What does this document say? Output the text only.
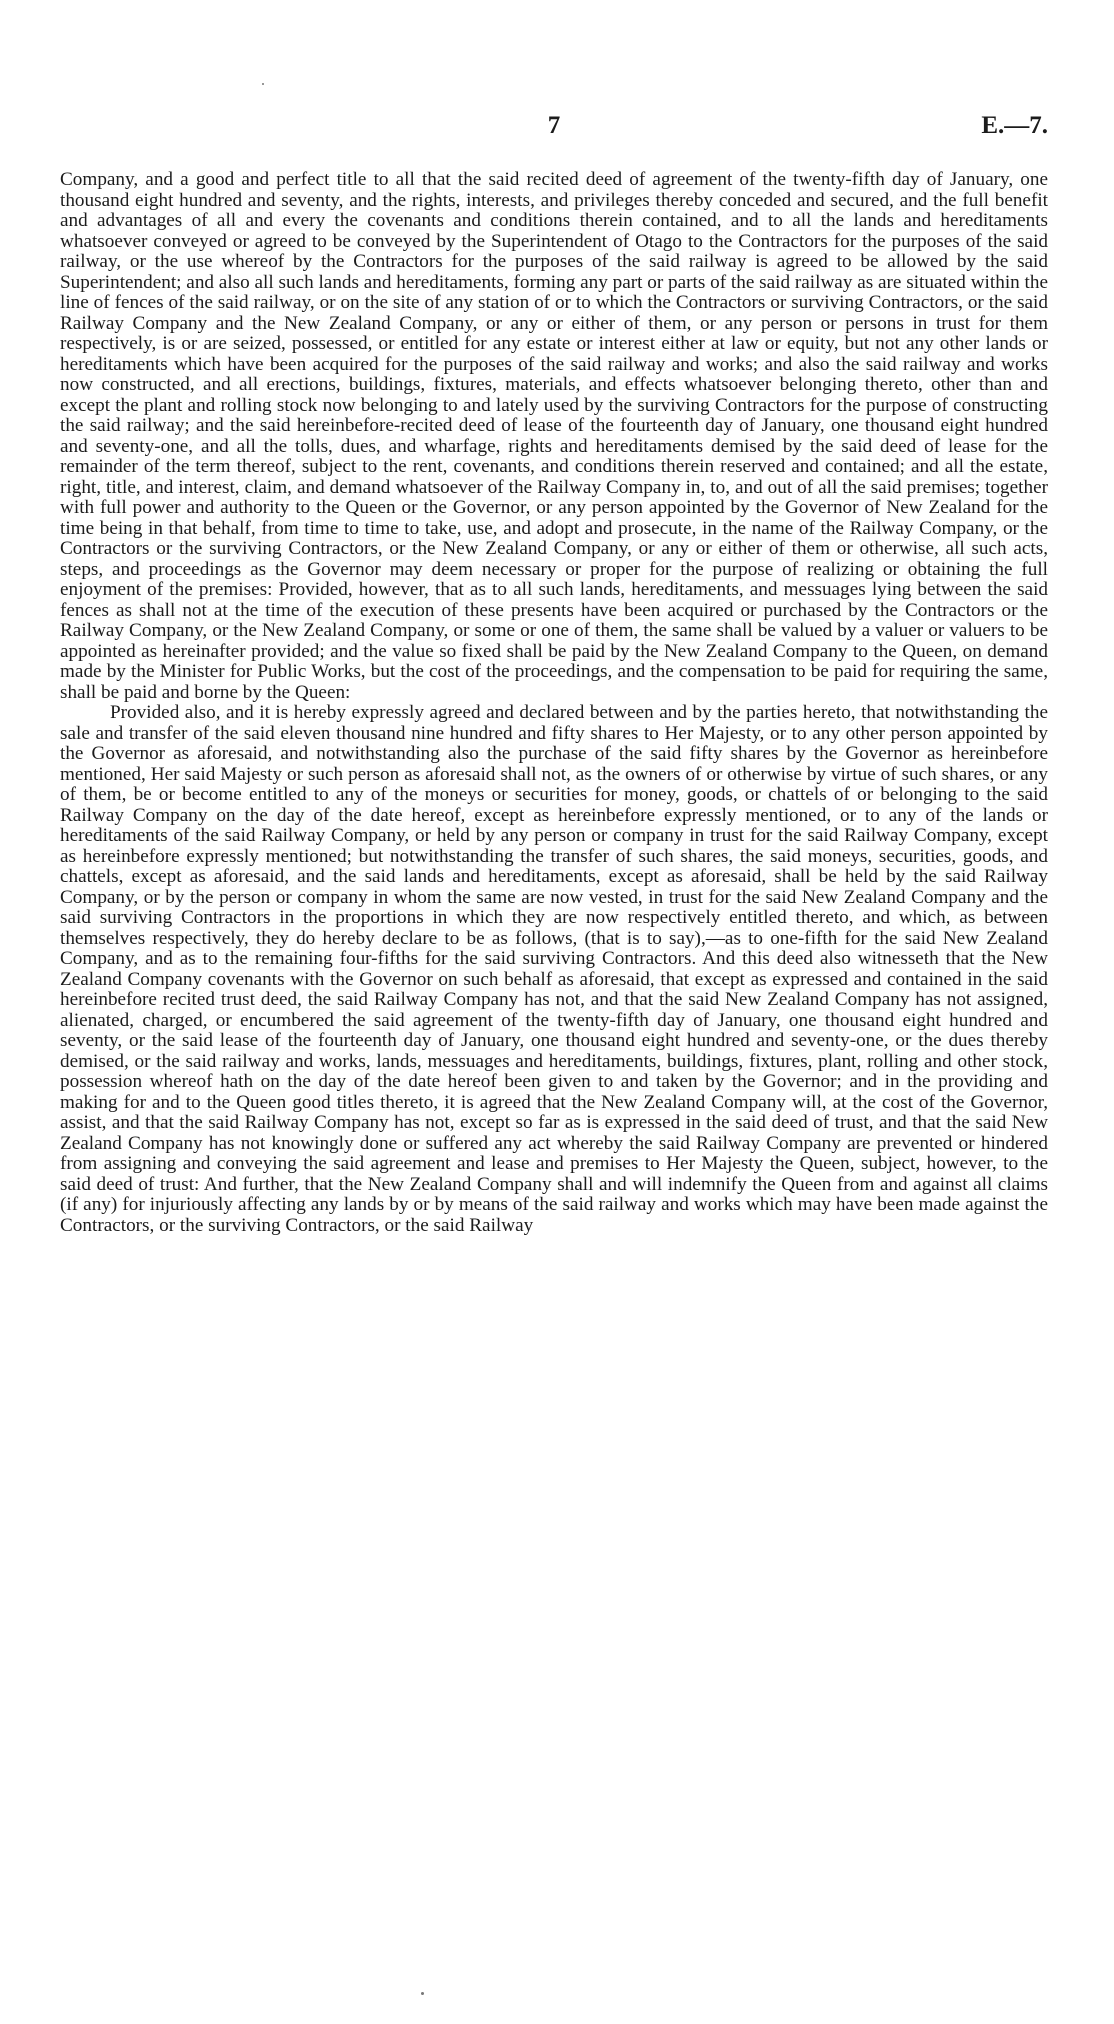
7	E.—7.

Company, and a good and perfect title to all that the said recited deed of agreement of the twenty-fifth day of January, one thousand eight hundred and seventy, and the rights, interests, and privileges thereby conceded and secured, and the full benefit and advantages of all and every the covenants and conditions therein contained, and to all the lands and hereditaments whatsoever conveyed or agreed to be conveyed by the Superintendent of Otago to the Contractors for the purposes of the said railway, or the use whereof by the Contractors for the purposes of the said railway is agreed to be allowed by the said Superintendent; and also all such lands and hereditaments, forming any part or parts of the said railway as are situated within the line of fences of the said railway, or on the site of any station of or to which the Contractors or surviving Contractors, or the said Railway Company and the New Zealand Company, or any or either of them, or any person or persons in trust for them respectively, is or are seized, possessed, or entitled for any estate or interest either at law or equity, but not any other lands or hereditaments which have been acquired for the purposes of the said railway and works; and also the said railway and works now constructed, and all erections, buildings, fixtures, materials, and effects whatsoever belonging thereto, other than and except the plant and rolling stock now belonging to and lately used by the surviving Contractors for the purpose of constructing the said railway; and the said hereinbefore-recited deed of lease of the fourteenth day of January, one thousand eight hundred and seventy-one, and all the tolls, dues, and wharfage, rights and hereditaments demised by the said deed of lease for the remainder of the term thereof, subject to the rent, covenants, and conditions therein reserved and contained; and all the estate, right, title, and interest, claim, and demand whatsoever of the Railway Company in, to, and out of all the said premises; together with full power and authority to the Queen or the Governor, or any person appointed by the Governor of New Zealand for the time being in that behalf, from time to time to take, use, and adopt and prosecute, in the name of the Railway Company, or the Contractors or the surviving Contractors, or the New Zealand Company, or any or either of them or otherwise, all such acts, steps, and proceedings as the Governor may deem necessary or proper for the purpose of realizing or obtaining the full enjoyment of the premises: Provided, however, that as to all such lands, hereditaments, and messuages lying between the said fences as shall not at the time of the execution of these presents have been acquired or purchased by the Contractors or the Railway Company, or the New Zealand Company, or some or one of them, the same shall be valued by a valuer or valuers to be appointed as hereinafter provided; and the value so fixed shall be paid by the New Zealand Company to the Queen, on demand made by the Minister for Public Works, but the cost of the proceedings, and the compensation to be paid for requiring the same, shall be paid and borne by the Queen:

Provided also, and it is hereby expressly agreed and declared between and by the parties hereto, that notwithstanding the sale and transfer of the said eleven thousand nine hundred and fifty shares to Her Majesty, or to any other person appointed by the Governor as aforesaid, and notwithstanding also the purchase of the said fifty shares by the Governor as hereinbefore mentioned, Her said Majesty or such person as aforesaid shall not, as the owners of or otherwise by virtue of such shares, or any of them, be or become entitled to any of the moneys or securities for money, goods, or chattels of or belonging to the said Railway Company on the day of the date hereof, except as hereinbefore expressly mentioned, or to any of the lands or hereditaments of the said Railway Company, or held by any person or company in trust for the said Railway Company, except as hereinbefore expressly mentioned; but notwithstanding the transfer of such shares, the said moneys, securities, goods, and chattels, except as aforesaid, and the said lands and hereditaments, except as aforesaid, shall be held by the said Railway Company, or by the person or company in whom the same are now vested, in trust for the said New Zealand Company and the said surviving Contractors in the proportions in which they are now respectively entitled thereto, and which, as between themselves respectively, they do hereby declare to be as follows, (that is to say),—as to one-fifth for the said New Zealand Company, and as to the remaining four-fifths for the said surviving Contractors. And this deed also witnesseth that the New Zealand Company covenants with the Governor on such behalf as aforesaid, that except as expressed and contained in the said hereinbefore recited trust deed, the said Railway Company has not, and that the said New Zealand Company has not assigned, alienated, charged, or encumbered the said agreement of the twenty-fifth day of January, one thousand eight hundred and seventy, or the said lease of the fourteenth day of January, one thousand eight hundred and seventy-one, or the dues thereby demised, or the said railway and works, lands, messuages and hereditaments, buildings, fixtures, plant, rolling and other stock, possession whereof hath on the day of the date hereof been given to and taken by the Governor; and in the providing and making for and to the Queen good titles thereto, it is agreed that the New Zealand Company will, at the cost of the Governor, assist, and that the said Railway Company has not, except so far as is expressed in the said deed of trust, and that the said New Zealand Company has not knowingly done or suffered any act whereby the said Railway Company are prevented or hindered from assigning and conveying the said agreement and lease and premises to Her Majesty the Queen, subject, however, to the said deed of trust: And further, that the New Zealand Company shall and will indemnify the Queen from and against all claims (if any) for injuriously affecting any lands by or by means of the said railway and works which may have been made against the Contractors, or the surviving Contractors, or the said Railway
